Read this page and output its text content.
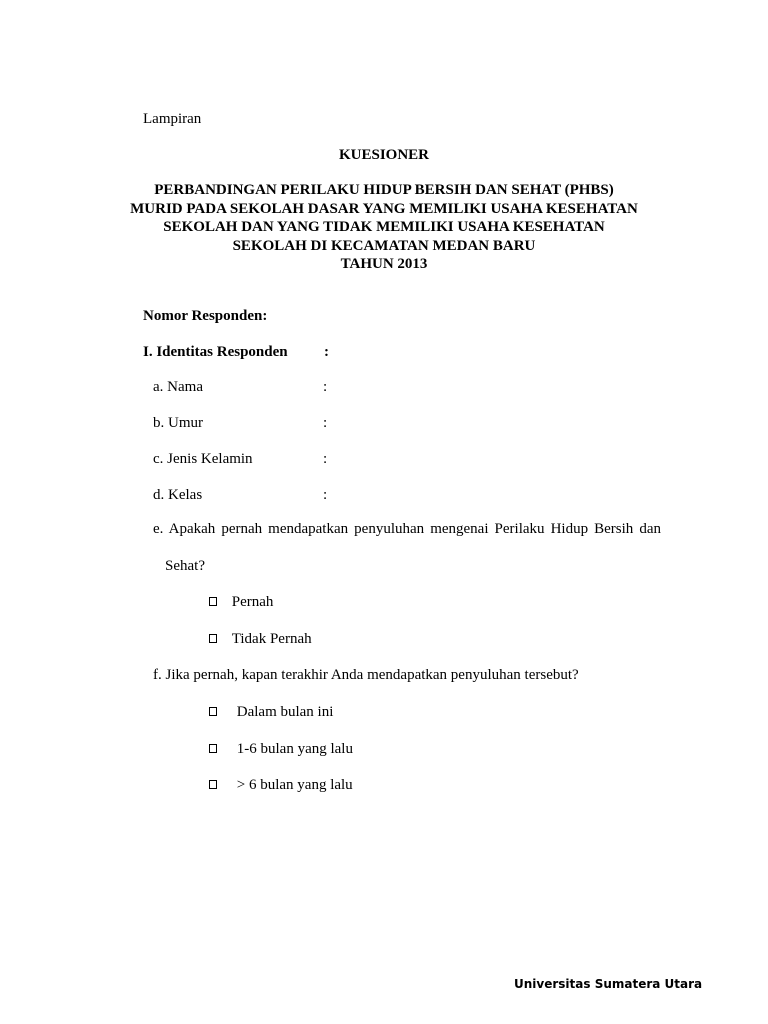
Lampiran
KUESIONER
PERBANDINGAN PERILAKU HIDUP BERSIH DAN SEHAT (PHBS)
MURID PADA SEKOLAH DASAR YANG MEMILIKI USAHA KESEHATAN
SEKOLAH DAN YANG TIDAK MEMILIKI USAHA KESEHATAN
SEKOLAH DI KECAMATAN MEDAN BARU
TAHUN 2013
Nomor Responden:
I. Identitas Responden :
a. Nama	:
b. Umur	:
c. Jenis Kelamin	:
d. Kelas	:
e. Apakah pernah mendapatkan penyuluhan mengenai Perilaku Hidup Bersih dan
Sehat?
Pernah
Tidak Pernah
f. Jika pernah, kapan terakhir Anda mendapatkan penyuluhan tersebut?
Dalam bulan ini
1-6 bulan yang lalu
> 6 bulan yang lalu
Universitas Sumatera Utara
